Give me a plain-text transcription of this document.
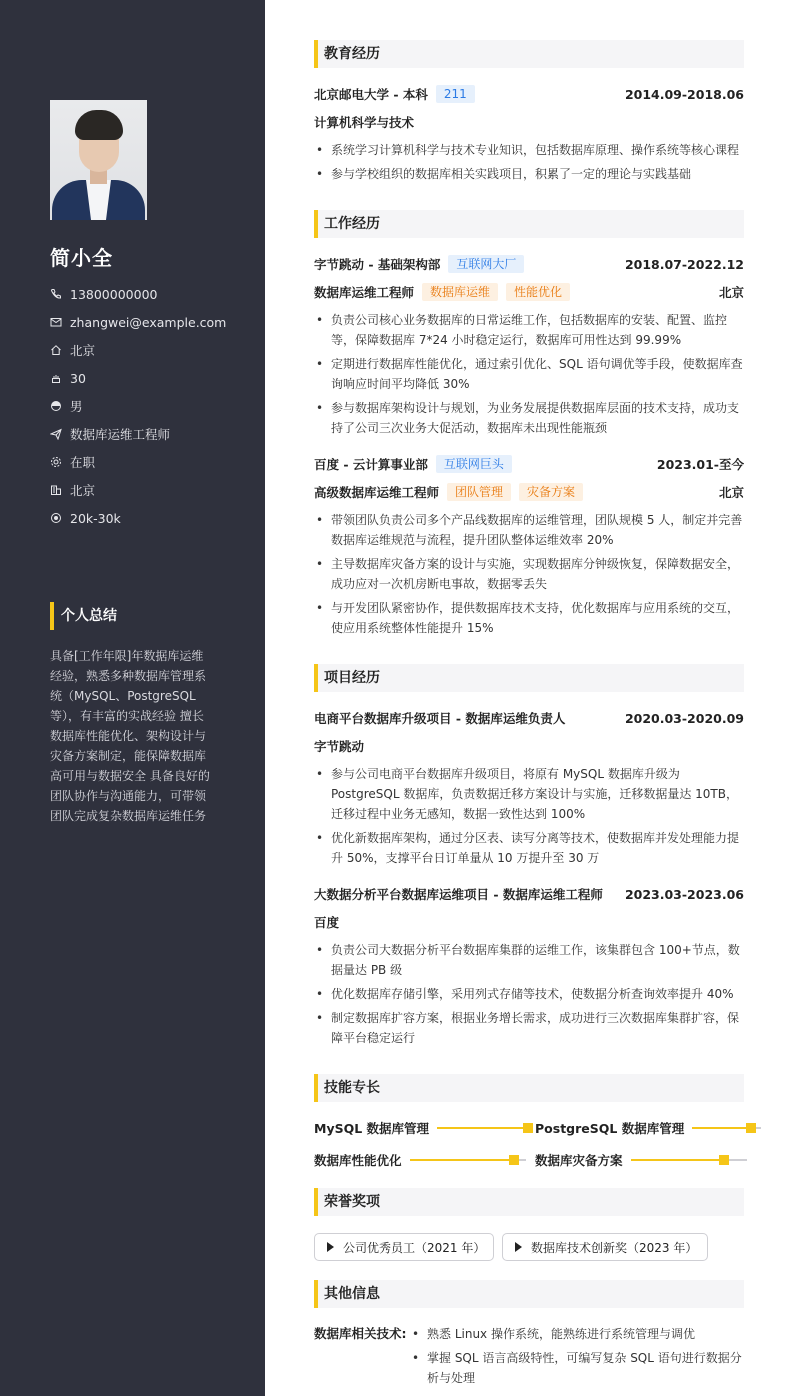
简小全
13800000000
zhangwei@example.com
北京
30
男
数据库运维工程师
在职
北京
20k-30k
个人总结
具备[工作年限]年数据库运维经验，熟悉多种数据库管理系统（MySQL、PostgreSQL等），有丰富的实战经验 擅长数据库性能优化、架构设计与灾备方案制定，能保障数据库高可用与数据安全 具备良好的团队协作与沟通能力，可带领团队完成复杂数据库运维任务
教育经历
北京邮电大学 - 本科	211	2014.09-2018.06
计算机科学与技术
• 系统学习计算机科学与技术专业知识，包括数据库原理、操作系统等核心课程
• 参与学校组织的数据库相关实践项目，积累了一定的理论与实践基础
工作经历
字节跳动 - 基础架构部	互联网大厂	2018.07-2022.12
数据库运维工程师	数据库运维	性能优化	北京
• 负责公司核心业务数据库的日常运维工作，包括数据库的安装、配置、监控等，保障数据库 7*24 小时稳定运行，数据库可用性达到 99.99%
• 定期进行数据库性能优化，通过索引优化、SQL 语句调优等手段，使数据库查询响应时间平均降低 30%
• 参与数据库架构设计与规划，为业务发展提供数据库层面的技术支持，成功支持了公司三次业务大促活动，数据库未出现性能瓶颈
百度 - 云计算事业部	互联网巨头	2023.01-至今
高级数据库运维工程师	团队管理	灾备方案	北京
• 带领团队负责公司多个产品线数据库的运维管理，团队规模 5 人，制定并完善数据库运维规范与流程，提升团队整体运维效率 20%
• 主导数据库灾备方案的设计与实施，实现数据库分钟级恢复，保障数据安全，成功应对一次机房断电事故，数据零丢失
• 与开发团队紧密协作，提供数据库技术支持，优化数据库与应用系统的交互，使应用系统整体性能提升 15%
项目经历
电商平台数据库升级项目 - 数据库运维负责人	2020.03-2020.09
字节跳动
• 参与公司电商平台数据库升级项目，将原有 MySQL 数据库升级为 PostgreSQL 数据库，负责数据迁移方案设计与实施，迁移数据量达 10TB，迁移过程中业务无感知，数据一致性达到 100%
• 优化新数据库架构，通过分区表、读写分离等技术，使数据库并发处理能力提升 50%，支撑平台日订单量从 10 万提升至 30 万
大数据分析平台数据库运维项目 - 数据库运维工程师 2023.03-2023.06
百度
• 负责公司大数据分析平台数据库集群的运维工作，该集群包含 100+节点，数据量达 PB 级
• 优化数据库存储引擎，采用列式存储等技术，使数据分析查询效率提升 40%
• 制定数据库扩容方案，根据业务增长需求，成功进行三次数据库集群扩容，保障平台稳定运行
技能专长
MySQL 数据库管理	PostgreSQL 数据库管理
数据库性能优化	数据库灾备方案
荣誉奖项
公司优秀员工（2021 年）	数据库技术创新奖（2023 年）
其他信息
数据库相关技术:
•	熟悉 Linux 操作系统，能熟练进行系统管理与调优
• 掌握 SQL 语言高级特性，可编写复杂 SQL 语句进行数据分析与处理
